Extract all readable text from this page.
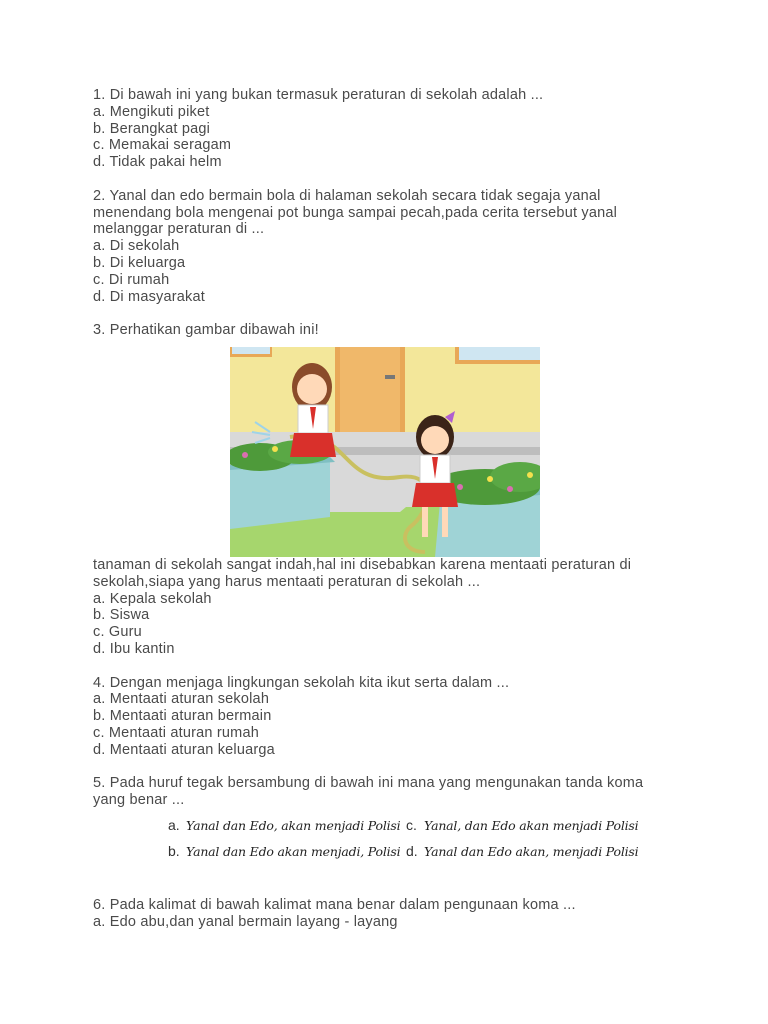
1. Di bawah ini yang bukan termasuk peraturan di sekolah adalah ...
a. Mengikuti piket
b. Berangkat pagi
c. Memakai seragam
d. Tidak pakai helm
2. Yanal dan edo bermain bola di halaman sekolah secara tidak segaja yanal
menendang bola mengenai pot bunga sampai pecah,pada cerita tersebut yanal
melanggar peraturan di ...
a. Di sekolah
b. Di keluarga
c. Di rumah
d. Di masyarakat
3. Perhatikan gambar dibawah ini!
tanaman di sekolah sangat indah,hal ini disebabkan karena mentaati peraturan di
sekolah,siapa yang harus mentaati peraturan di sekolah ...
a. Kepala sekolah
b. Siswa
c. Guru
d. Ibu kantin
4. Dengan menjaga lingkungan sekolah kita ikut serta dalam ...
a. Mentaati aturan sekolah
b. Mentaati aturan bermain
c. Mentaati aturan rumah
d. Mentaati aturan keluarga
5. Pada huruf tegak bersambung di bawah ini mana yang mengunakan tanda koma
yang benar ...
a. Yanal dan Edo, akan menjadi Polisi c. Yanal, dan Edo akan menjadi Polisi
b. Yanal dan Edo akan menjadi, Polisi d. Yanal dan Edo akan, menjadi Polisi
6. Pada kalimat di bawah kalimat mana benar dalam pengunaan koma ...
a. Edo abu,dan yanal bermain layang - layang
